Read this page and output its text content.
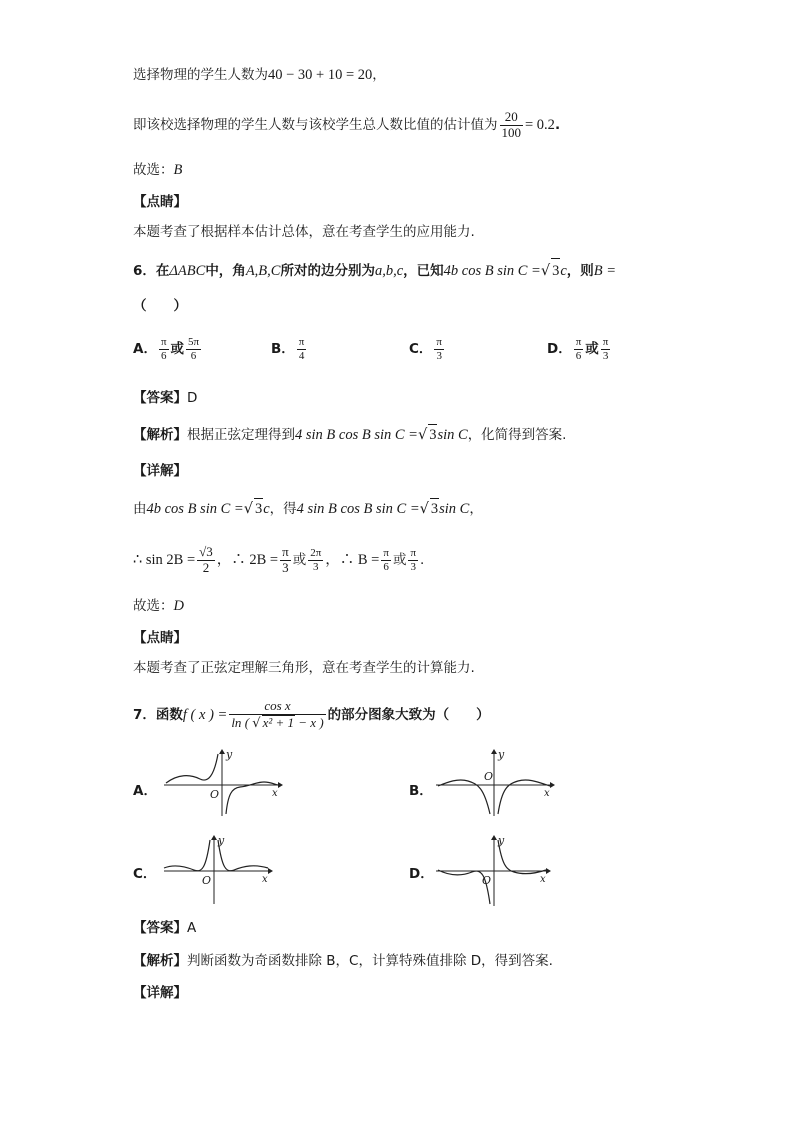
选择物理的学生人数为40 − 30 + 10 = 20，
即该校选择物理的学生人数与该校学生总人数比值的估计值为 $\frac{20}{100} = 0.2$.
故选：B
【点睛】
本题考查了根据样本估计总体，意在考查学生的应用能力.
6．在ΔABC中，角A,B,C所对的边分别为a,b,c，已知4b cos B sin C =√ 3c，则B =
（　　）
A． $\frac{\pi}{6}$ 或 $\frac{5\pi}{6}$	B． $\frac{\pi}{4}$	C． $\frac{\pi}{3}$	D． $\frac{\pi}{6}$ 或 $\frac{\pi}{3}$
【答案】D
【解析】根据正弦定理得到4 sin B cos B sin C =√ 3sin C，化简得到答案.
【详解】
由4b cos B sin C =√ 3c，得4 sin B cos B sin C =√ 3sin C，
∴ $\sin 2B = \frac{√3}{2}$ ，∴ $2B = \frac{\pi}{3}$ 或 $\frac{2\pi}{3}$ ，∴ $B = \frac{\pi}{6}$ 或 $\frac{\pi}{3}$ .
故选：D
【点睛】
本题考查了正弦定理解三角形，意在考查学生的计算能力.
7．函数f ( x ) = $\frac{\text{cos x}}{\text{ln ( √ x² + 1 − x )}}$ 的部分图象大致为（　　）
A．
y
x
O	B．
y
x
O
C．
y
x
O	D．
y
x
O
【答案】A
【解析】判断函数为奇函数排除 B，C，计算特殊值排除 D，得到答案.
【详解】
